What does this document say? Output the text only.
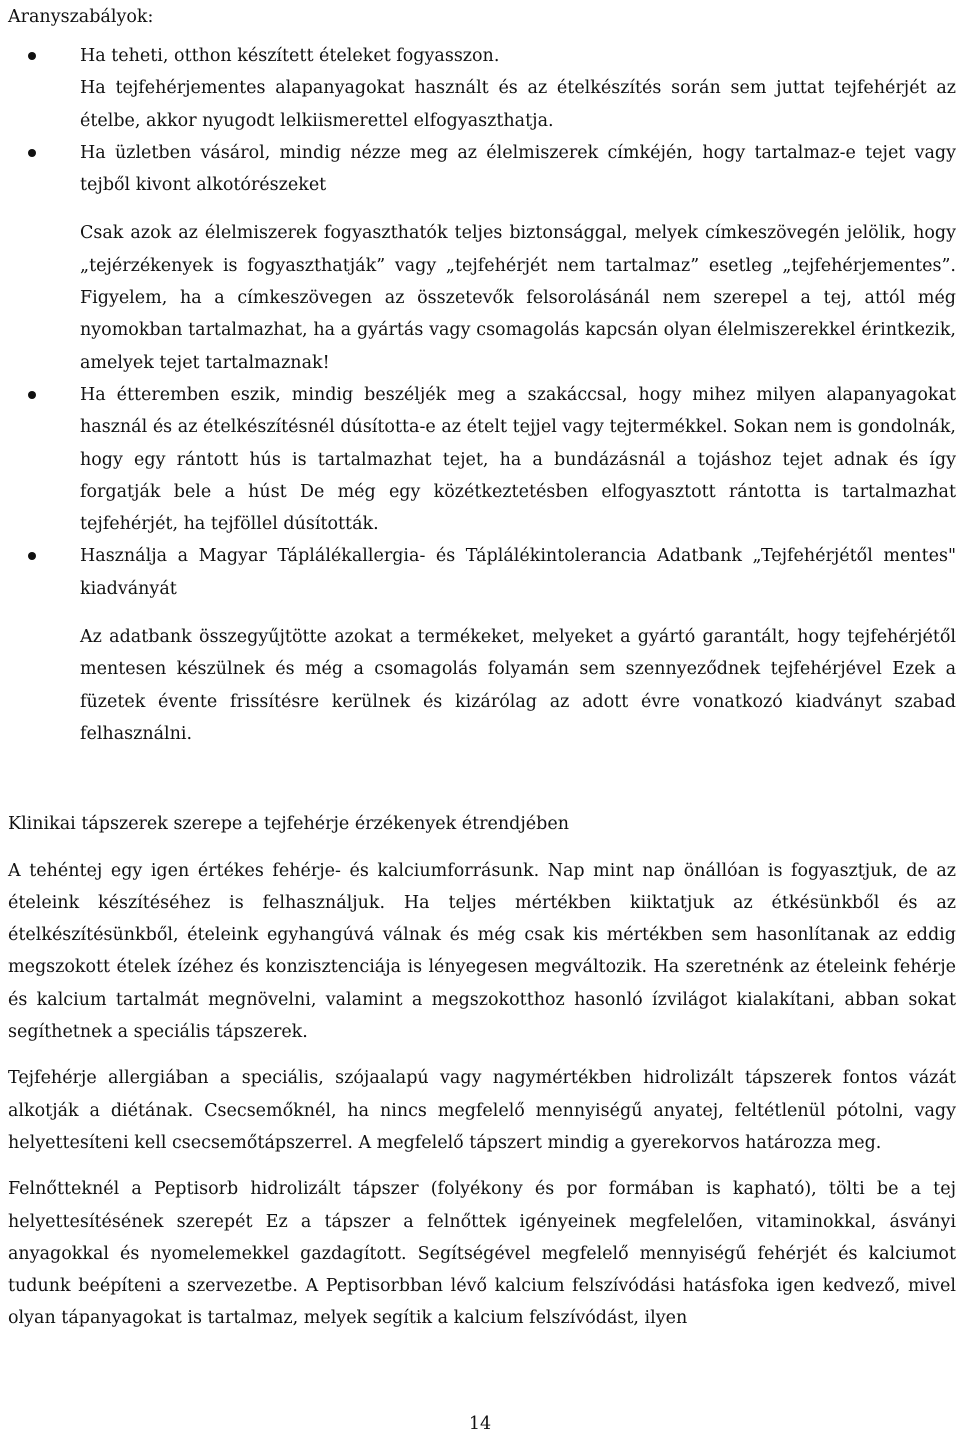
Aranyszabályok:

Ha teheti, otthon készített ételeket fogyasszon.

Ha tejfehérjementes alapanyagokat használt és az ételkészítés során sem juttat tejfehérjét az ételbe, akkor nyugodt lelkiismerettel elfogyaszthatja.

Ha üzletben vásárol, mindig nézze meg az élelmiszerek címkéjén, hogy tartalmaz-e tejet vagy tejből kivont alkotórészeket

Csak azok az élelmiszerek fogyaszthatók teljes biztonsággal, melyek címkeszövegén jelölik, hogy „tejérzékenyek is fogyaszthatják” vagy „tejfehérjét nem tartalmaz” esetleg „tejfehérjementes”. Figyelem, ha a címkeszövegen az összetevők felsorolásánál nem szerepel a tej, attól még nyomokban tartalmazhat, ha a gyártás vagy csomagolás kapcsán olyan élelmiszerekkel érintkezik, amelyek tejet tartalmaznak!

Ha étteremben eszik, mindig beszéljék meg a szakáccsal, hogy mihez milyen alapanyagokat használ és az ételkészítésnél dúsította-e az ételt tejjel vagy tejtermékkel. Sokan nem is gondolnák, hogy egy rántott hús is tartalmazhat tejet, ha a bundázásnál a tojáshoz tejet adnak és így forgatják bele a húst De még egy közétkeztetésben elfogyasztott rántotta is tartalmazhat tejfehérjét, ha tejföllel dúsították.

Használja a Magyar Táplálékallergia- és Táplálékintolerancia Adatbank „Tejfehérjétől mentes" kiadványát

Az adatbank összegyűjtötte azokat a termékeket, melyeket a gyártó garantált, hogy tejfehérjétől mentesen készülnek és még a csomagolás folyamán sem szennyeződnek tejfehérjével Ezek a füzetek évente frissítésre kerülnek és kizárólag az adott évre vonatkozó kiadványt szabad felhasználni.

Klinikai tápszerek szerepe a tejfehérje érzékenyek étrendjében

A tehéntej egy igen értékes fehérje- és kalciumforrásunk. Nap mint nap önállóan is fogyasztjuk, de az ételeink készítéséhez is felhasználjuk. Ha teljes mértékben kiiktatjuk az étkésünkből és az ételkészítésünkből, ételeink egyhangúvá válnak és még csak kis mértékben sem hasonlítanak az eddig megszokott ételek ízéhez és konzisztenciája is lényegesen megváltozik. Ha szeretnénk az ételeink fehérje és kalcium tartalmát megnövelni, valamint a megszokotthoz hasonló ízvilágot kialakítani, abban sokat segíthetnek a speciális tápszerek.

Tejfehérje allergiában a speciális, szójaalapú vagy nagymértékben hidrolizált tápszerek fontos vázát alkotják a diétának. Csecsemőknél, ha nincs megfelelő mennyiségű anyatej, feltétlenül pótolni, vagy helyettesíteni kell csecsemőtápszerrel. A megfelelő tápszert mindig a gyerekorvos határozza meg.

Felnőtteknél a Peptisorb hidrolizált tápszer (folyékony és por formában is kapható), tölti be a tej helyettesítésének szerepét Ez a tápszer a felnőttek igényeinek megfelelően, vitaminokkal, ásványi anyagokkal és nyomelemekkel gazdagított. Segítségével megfelelő mennyiségű fehérjét és kalciumot tudunk beépíteni a szervezetbe. A Peptisorbban lévő kalcium felszívódási hatásfoka igen kedvező, mivel olyan tápanyagokat is tartalmaz, melyek segítik a kalcium felszívódást, ilyen

14
